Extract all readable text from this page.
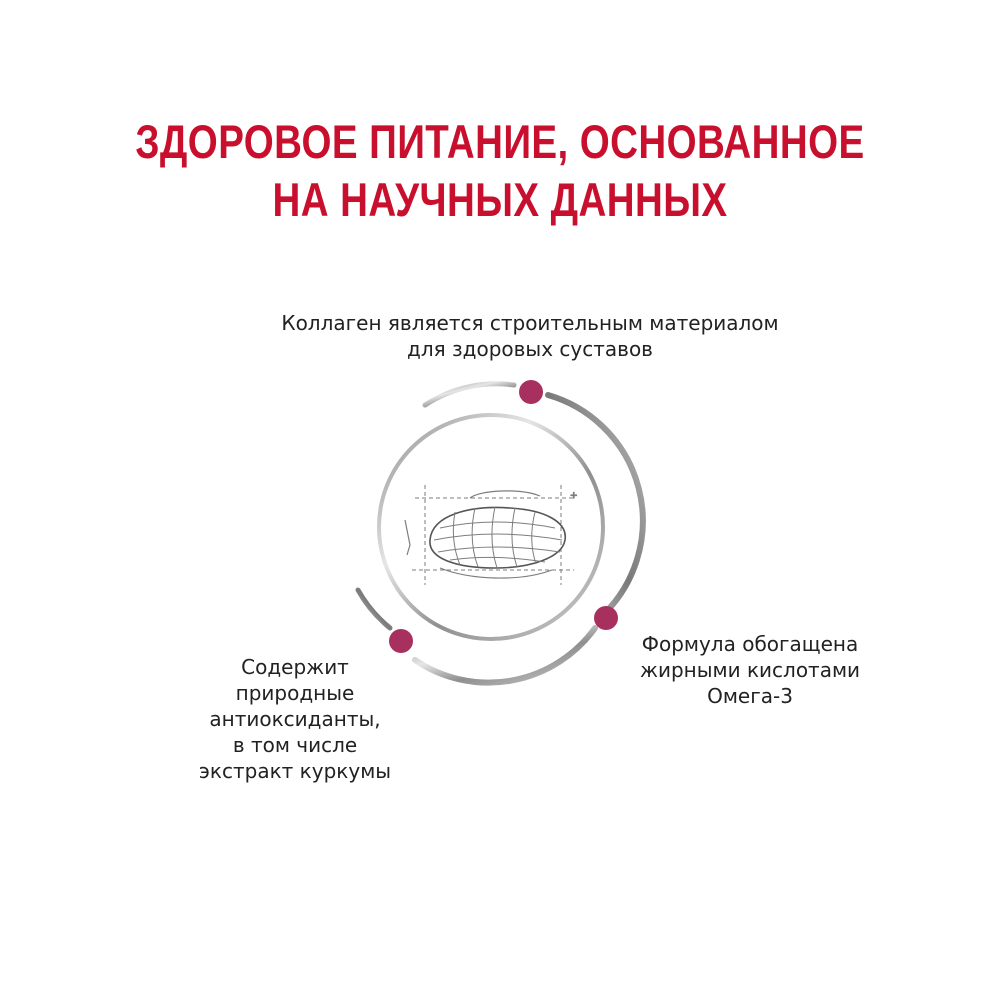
ЗДОРОВОЕ ПИТАНИЕ, ОСНОВАННОЕ
НА НАУЧНЫХ ДАННЫХ
+
Коллаген является строительным материалом
для здоровых суставов
Формула обогащена
жирными кислотами
Омега-3
Содержит
природные
антиоксиданты,
в том числе
экстракт куркумы
